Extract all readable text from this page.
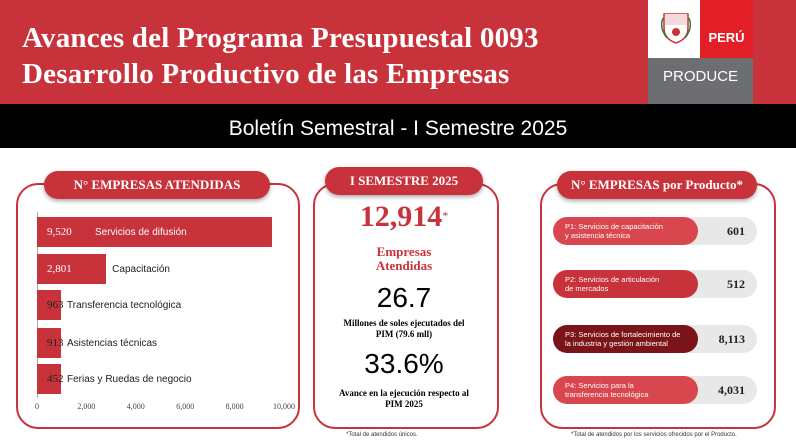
Avances del Programa Presupuestal 0093
Desarrollo Productivo de las Empresas
PERÚ
PRODUCE
Boletín Semestral - I Semestre 2025
N° EMPRESAS ATENDIDAS
9,520 Servicios de difusión
2,801	Capacitación
963 Transferencia tecnológica
913 Asistencias técnicas
452 Ferias y Ruedas de negocio
0	2,000	4,000	6,000	8,000	10,000
I SEMESTRE 2025
12,914*
Empresas
Atendidas
26.7
Millones de soles ejecutados del
PIM (79.6 mll)
33.6%
Avance en la ejecución respecto al
PIM 2025
*Total de atendidos únicos.
N° EMPRESAS por Producto*
P1: Servicios de capacitación
y asistencia técnica	601
P2: Servicios de articulación
de mercados	512
P3: Servicios de fortalecimiento de
la industria y gestión ambiental	8,113
P4: Servicios para la
transferencia tecnológica	4,031
*Total de atendidos por los servicios ofrecidos por el Producto.
